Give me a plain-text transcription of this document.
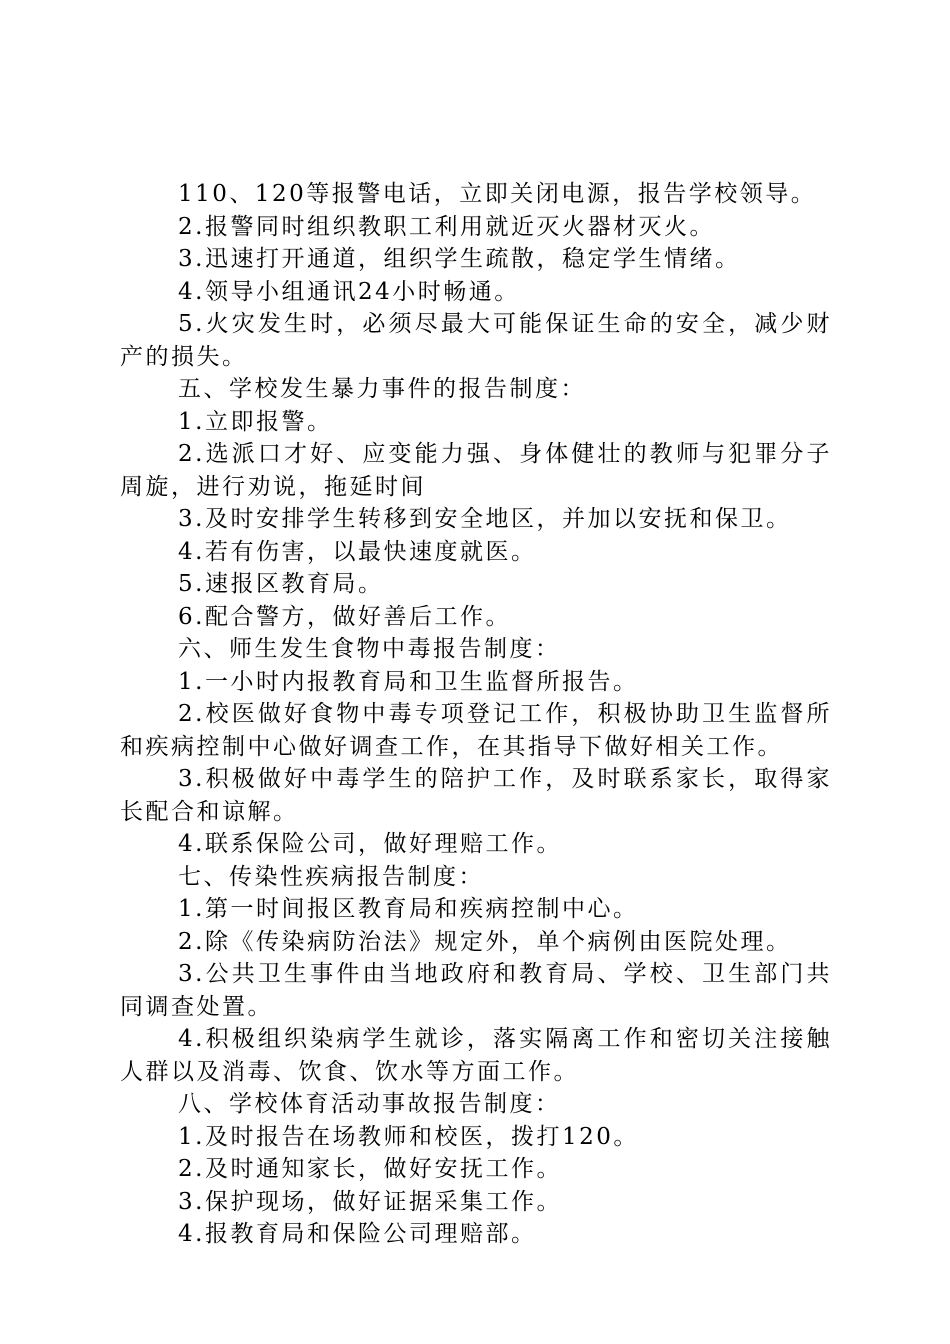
110、120等报警电话，立即关闭电源，报告学校领导。

2.报警同时组织教职工利用就近灭火器材灭火。

3.迅速打开通道，组织学生疏散，稳定学生情绪。

4.领导小组通讯24小时畅通。

5.火灾发生时，必须尽最大可能保证生命的安全，减少财产的损失。

五、学校发生暴力事件的报告制度：

1.立即报警。

2.选派口才好、应变能力强、身体健壮的教师与犯罪分子周旋，进行劝说，拖延时间

3.及时安排学生转移到安全地区，并加以安抚和保卫。

4.若有伤害，以最快速度就医。

5.速报区教育局。

6.配合警方，做好善后工作。

六、师生发生食物中毒报告制度：

1.一小时内报教育局和卫生监督所报告。

2.校医做好食物中毒专项登记工作，积极协助卫生监督所和疾病控制中心做好调查工作，在其指导下做好相关工作。

3.积极做好中毒学生的陪护工作，及时联系家长，取得家长配合和谅解。

4.联系保险公司，做好理赔工作。

七、传染性疾病报告制度：

1.第一时间报区教育局和疾病控制中心。

2.除《传染病防治法》规定外，单个病例由医院处理。

3.公共卫生事件由当地政府和教育局、学校、卫生部门共同调查处置。

4.积极组织染病学生就诊，落实隔离工作和密切关注接触人群以及消毒、饮食、饮水等方面工作。

八、学校体育活动事故报告制度：

1.及时报告在场教师和校医，拨打120。

2.及时通知家长，做好安抚工作。

3.保护现场，做好证据采集工作。

4.报教育局和保险公司理赔部。
